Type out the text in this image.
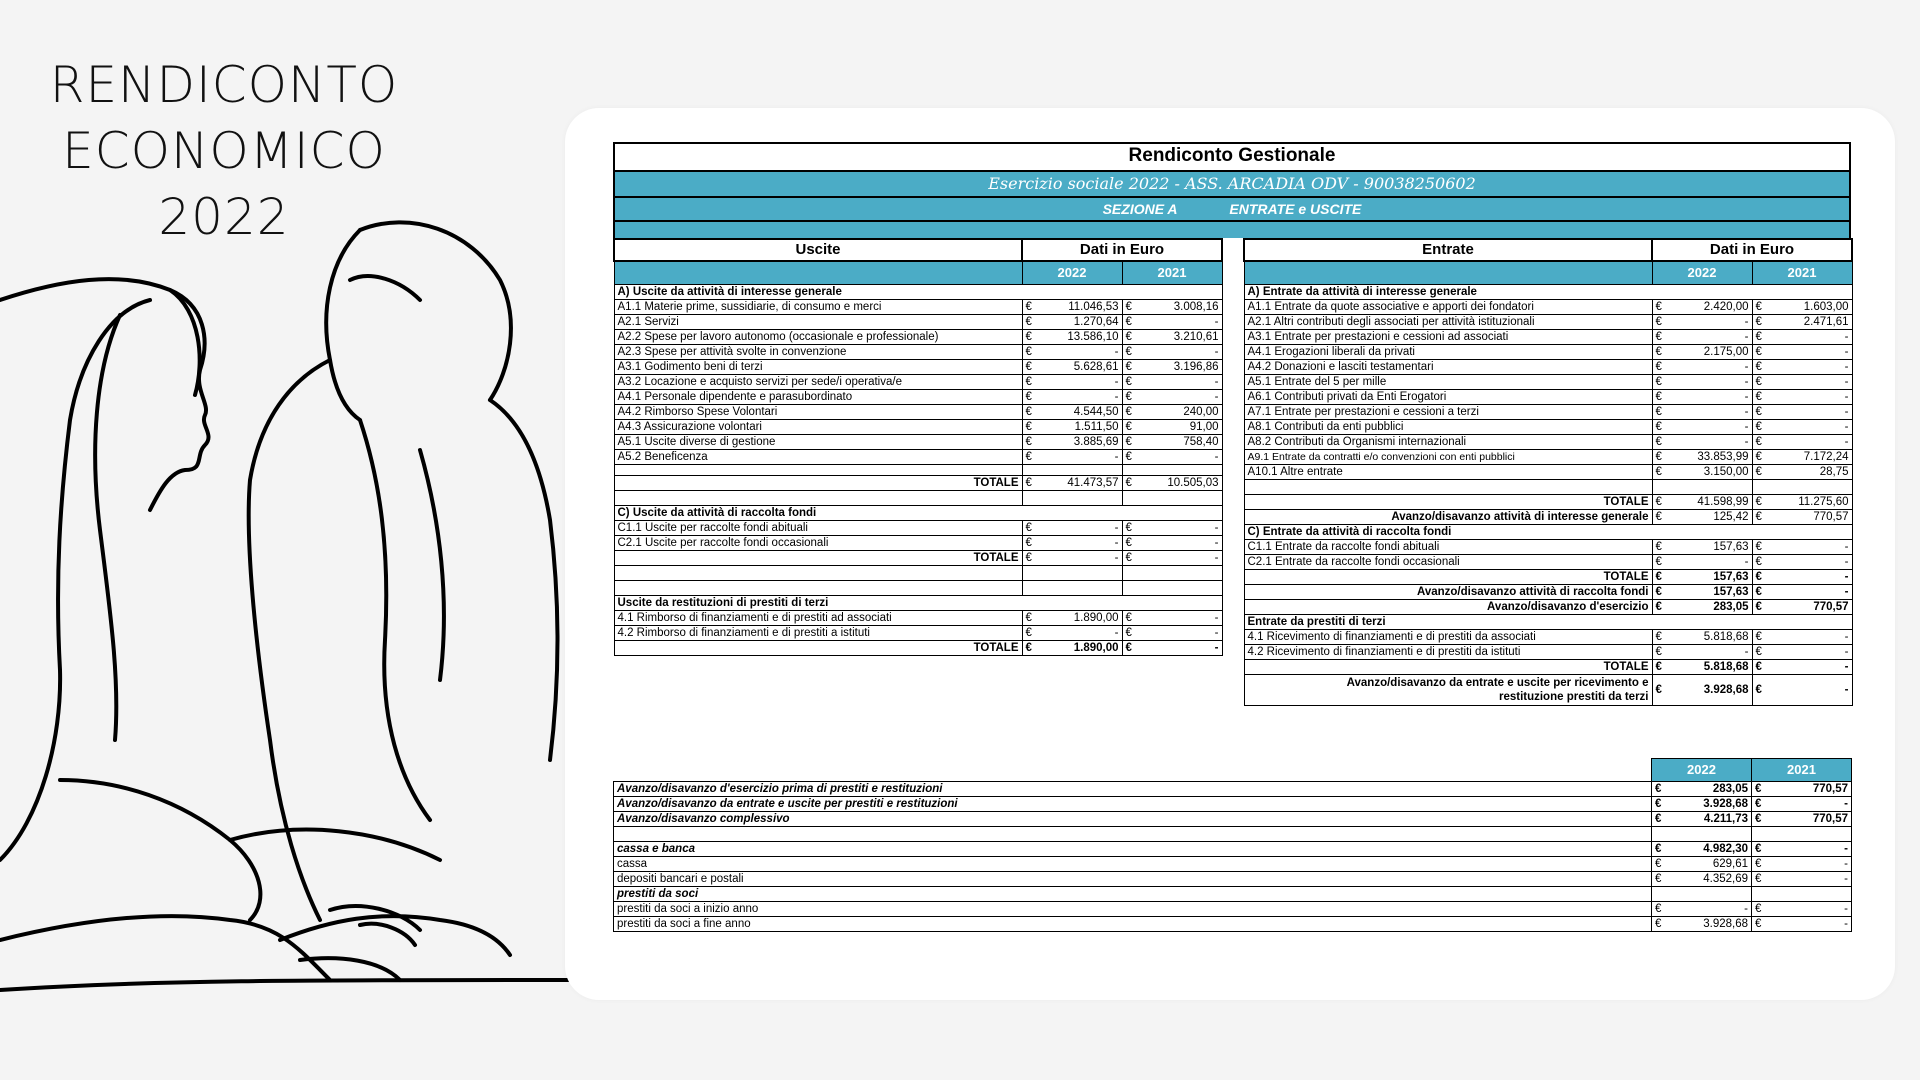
RENDICONTO
ECONOMICO
2022
Rendiconto Gestionale
Esercizio sociale 2022 - ASS. ARCADIA ODV - 90038250602
SEZIONE A	ENTRATE e USCITE
Uscite	Dati in Euro	
	2022	2021
A) Uscite da attività di interesse generale		
A1.1 Materie prime, sussidiarie, di consumo e merci	€ 11.046,53	€ 3.008,16
A2.1 Servizi	€ 1.270,64	€ -
A2.2 Spese per lavoro autonomo (occasionale e professionale)	€ 13.586,10	€ 3.210,61
A2.3 Spese per attività svolte in convenzione	€ -	€ -
A3.1 Godimento beni di terzi	€ 5.628,61	€ 3.196,86
A3.2 Locazione e acquisto servizi per sede/i operativa/e	€ -	€ -
A4.1 Personale dipendente e parasubordinato	€ -	€ -
A4.2 Rimborso Spese Volontari	€ 4.544,50	€ 240,00
A4.3 Assicurazione volontari	€ 1.511,50	€ 91,00
A5.1 Uscite diverse di gestione	€ 3.885,69	€ 758,40
A5.2 Beneficenza	€ -	€ -

TOTALE	€ 41.473,57	€ 10.505,03

C) Uscite da attività di raccolta fondi		
C1.1 Uscite per raccolte fondi abituali	€ -	€ -
C2.1 Uscite per raccolte fondi occasionali	€ -	€ -
TOTALE	€ -	€ -

Uscite da restituzioni di prestiti di terzi		
4.1 Rimborso di finanziamenti e di prestiti ad associati	€ 1.890,00	€ -
4.2 Rimborso di finanziamenti e di prestiti a istituti	€ -	€ -
TOTALE	€ 1.890,00	€ -
Entrate	Dati in Euro	
	2022	2021
A) Entrate da attività di interesse generale		
A1.1 Entrate da quote associative e apporti dei fondatori	€ 2.420,00	€ 1.603,00
A2.1 Altri contributi degli associati per attività istituzionali	€ -	€ 2.471,61
A3.1 Entrate per prestazioni e cessioni ad associati	€ -	€ -
A4.1 Erogazioni liberali da privati	€ 2.175,00	€ -
A4.2 Donazioni e lasciti testamentari	€ -	€ -
A5.1 Entrate del 5 per mille	€ -	€ -
A6.1 Contributi privati da Enti Erogatori	€ -	€ -
A7.1 Entrate per prestazioni e cessioni a terzi	€ -	€ -
A8.1 Contributi da enti pubblici	€ -	€ -
A8.2 Contributi da Organismi internazionali	€ -	€ -
A9.1 Entrate da contratti e/o convenzioni con enti pubblici	€ 33.853,99	€ 7.172,24
A10.1 Altre entrate	€ 3.150,00	€ 28,75

TOTALE	€ 41.598,99	€ 11.275,60
Avanzo/disavanzo attività di interesse generale	€ 125,42	€ 770,57
C) Entrate da attività di raccolta fondi		
C1.1 Entrate da raccolte fondi abituali	€ 157,63	€ -
C2.1 Entrate da raccolte fondi occasionali	€ -	€ -
TOTALE	€ 157,63	€ -
Avanzo/disavanzo attività di raccolta fondi	€ 157,63	€ -
Avanzo/disavanzo d'esercizio	€ 283,05	€ 770,57
Entrate da prestiti di terzi		
4.1 Ricevimento di finanziamenti e di prestiti da associati	€ 5.818,68	€ -
4.2 Ricevimento di finanziamenti e di prestiti da istituti	€ -	€ -
TOTALE	€ 5.818,68	€ -
Avanzo/disavanzo da entrate e uscite per ricevimento e
restituzione prestiti da terzi	€ 3.928,68	€ -
	2022	2021
Avanzo/disavanzo d'esercizio prima di prestiti e restituzioni	€ 283,05	€ 770,57
Avanzo/disavanzo da entrate e uscite per prestiti e restituzioni	€ 3.928,68	€ -
Avanzo/disavanzo complessivo	€ 4.211,73	€ 770,57

cassa e banca	€ 4.982,30	€ -
cassa	€ 629,61	€ -
depositi bancari e postali	€ 4.352,69	€ -
prestiti da soci		
prestiti da soci a inizio anno	€ -	€ -
prestiti da soci a fine anno	€ 3.928,68	€ -
